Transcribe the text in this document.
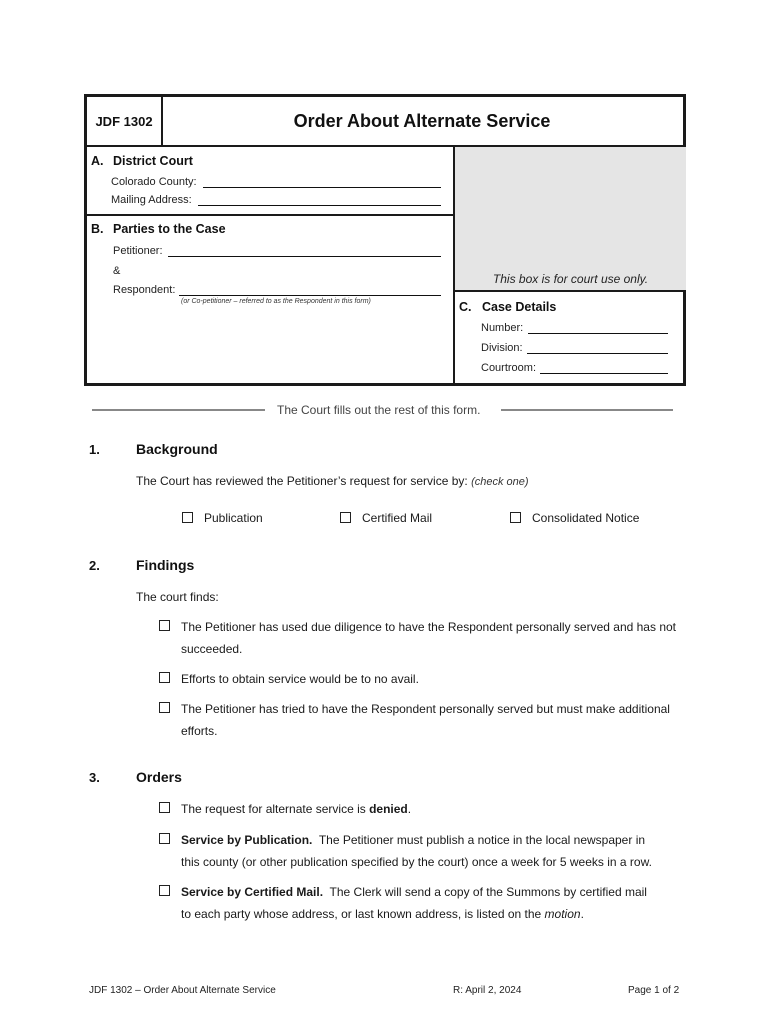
JDF 1302	Order About Alternate Service
This box is for court use only.
A. District Court
Colorado County:
Mailing Address:
B. Parties to the Case
Petitioner:
&
Respondent:
(or Co-petitioner – referred to as the Respondent in this form)	C. Case Details
Number:
Division:
Courtroom:
The Court fills out the rest of this form.
1.	Background
The Court has reviewed the Petitioner’s request for service by: (check one)
Publication	Certified Mail	Consolidated Notice
2.	Findings
The court finds:
The Petitioner has used due diligence to have the Respondent personally served and has not
succeeded.
Efforts to obtain service would be to no avail.
The Petitioner has tried to have the Respondent personally served but must make additional
efforts.
3.	Orders
The request for alternate service is denied.
Service by Publication.  The Petitioner must publish a notice in the local newspaper in
this county (or other publication specified by the court) once a week for 5 weeks in a row.
Service by Certified Mail.  The Clerk will send a copy of the Summons by certified mail
to each party whose address, or last known address, is listed on the motion.
JDF 1302 – Order About Alternate Service	R: April 2, 2024	Page 1 of 2
